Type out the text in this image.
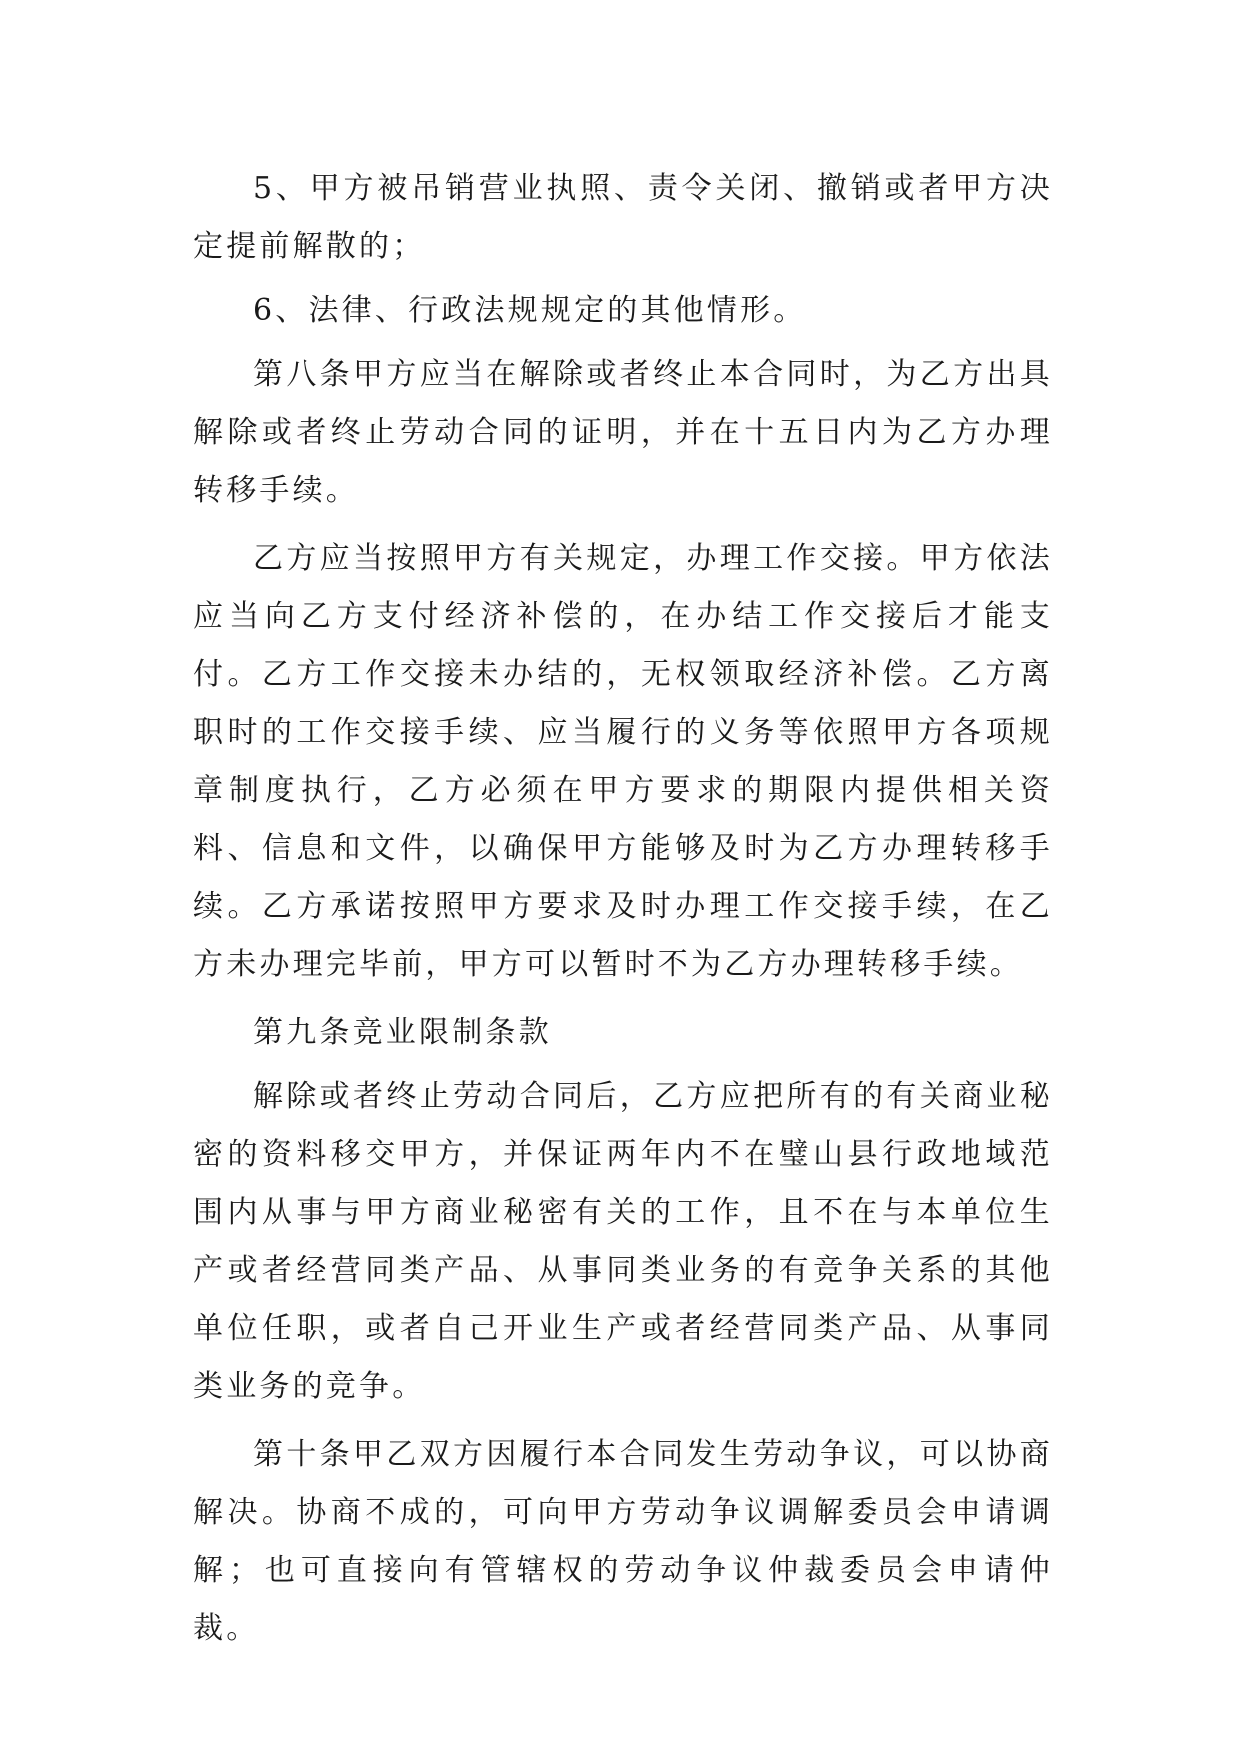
5、甲方被吊销营业执照、责令关闭、撤销或者甲方决定提前解散的；

6、法律、行政法规规定的其他情形。

第八条甲方应当在解除或者终止本合同时，为乙方出具解除或者终止劳动合同的证明，并在十五日内为乙方办理转移手续。

乙方应当按照甲方有关规定，办理工作交接。甲方依法应当向乙方支付经济补偿的，在办结工作交接后才能支付。乙方工作交接未办结的，无权领取经济补偿。乙方离职时的工作交接手续、应当履行的义务等依照甲方各项规章制度执行，乙方必须在甲方要求的期限内提供相关资料、信息和文件，以确保甲方能够及时为乙方办理转移手续。乙方承诺按照甲方要求及时办理工作交接手续，在乙方未办理完毕前，甲方可以暂时不为乙方办理转移手续。

第九条竞业限制条款

解除或者终止劳动合同后，乙方应把所有的有关商业秘密的资料移交甲方，并保证两年内不在璧山县行政地域范围内从事与甲方商业秘密有关的工作，且不在与本单位生产或者经营同类产品、从事同类业务的有竞争关系的其他单位任职，或者自己开业生产或者经营同类产品、从事同类业务的竞争。

第十条甲乙双方因履行本合同发生劳动争议，可以协商解决。协商不成的，可向甲方劳动争议调解委员会申请调解；也可直接向有管辖权的劳动争议仲裁委员会申请仲裁。
